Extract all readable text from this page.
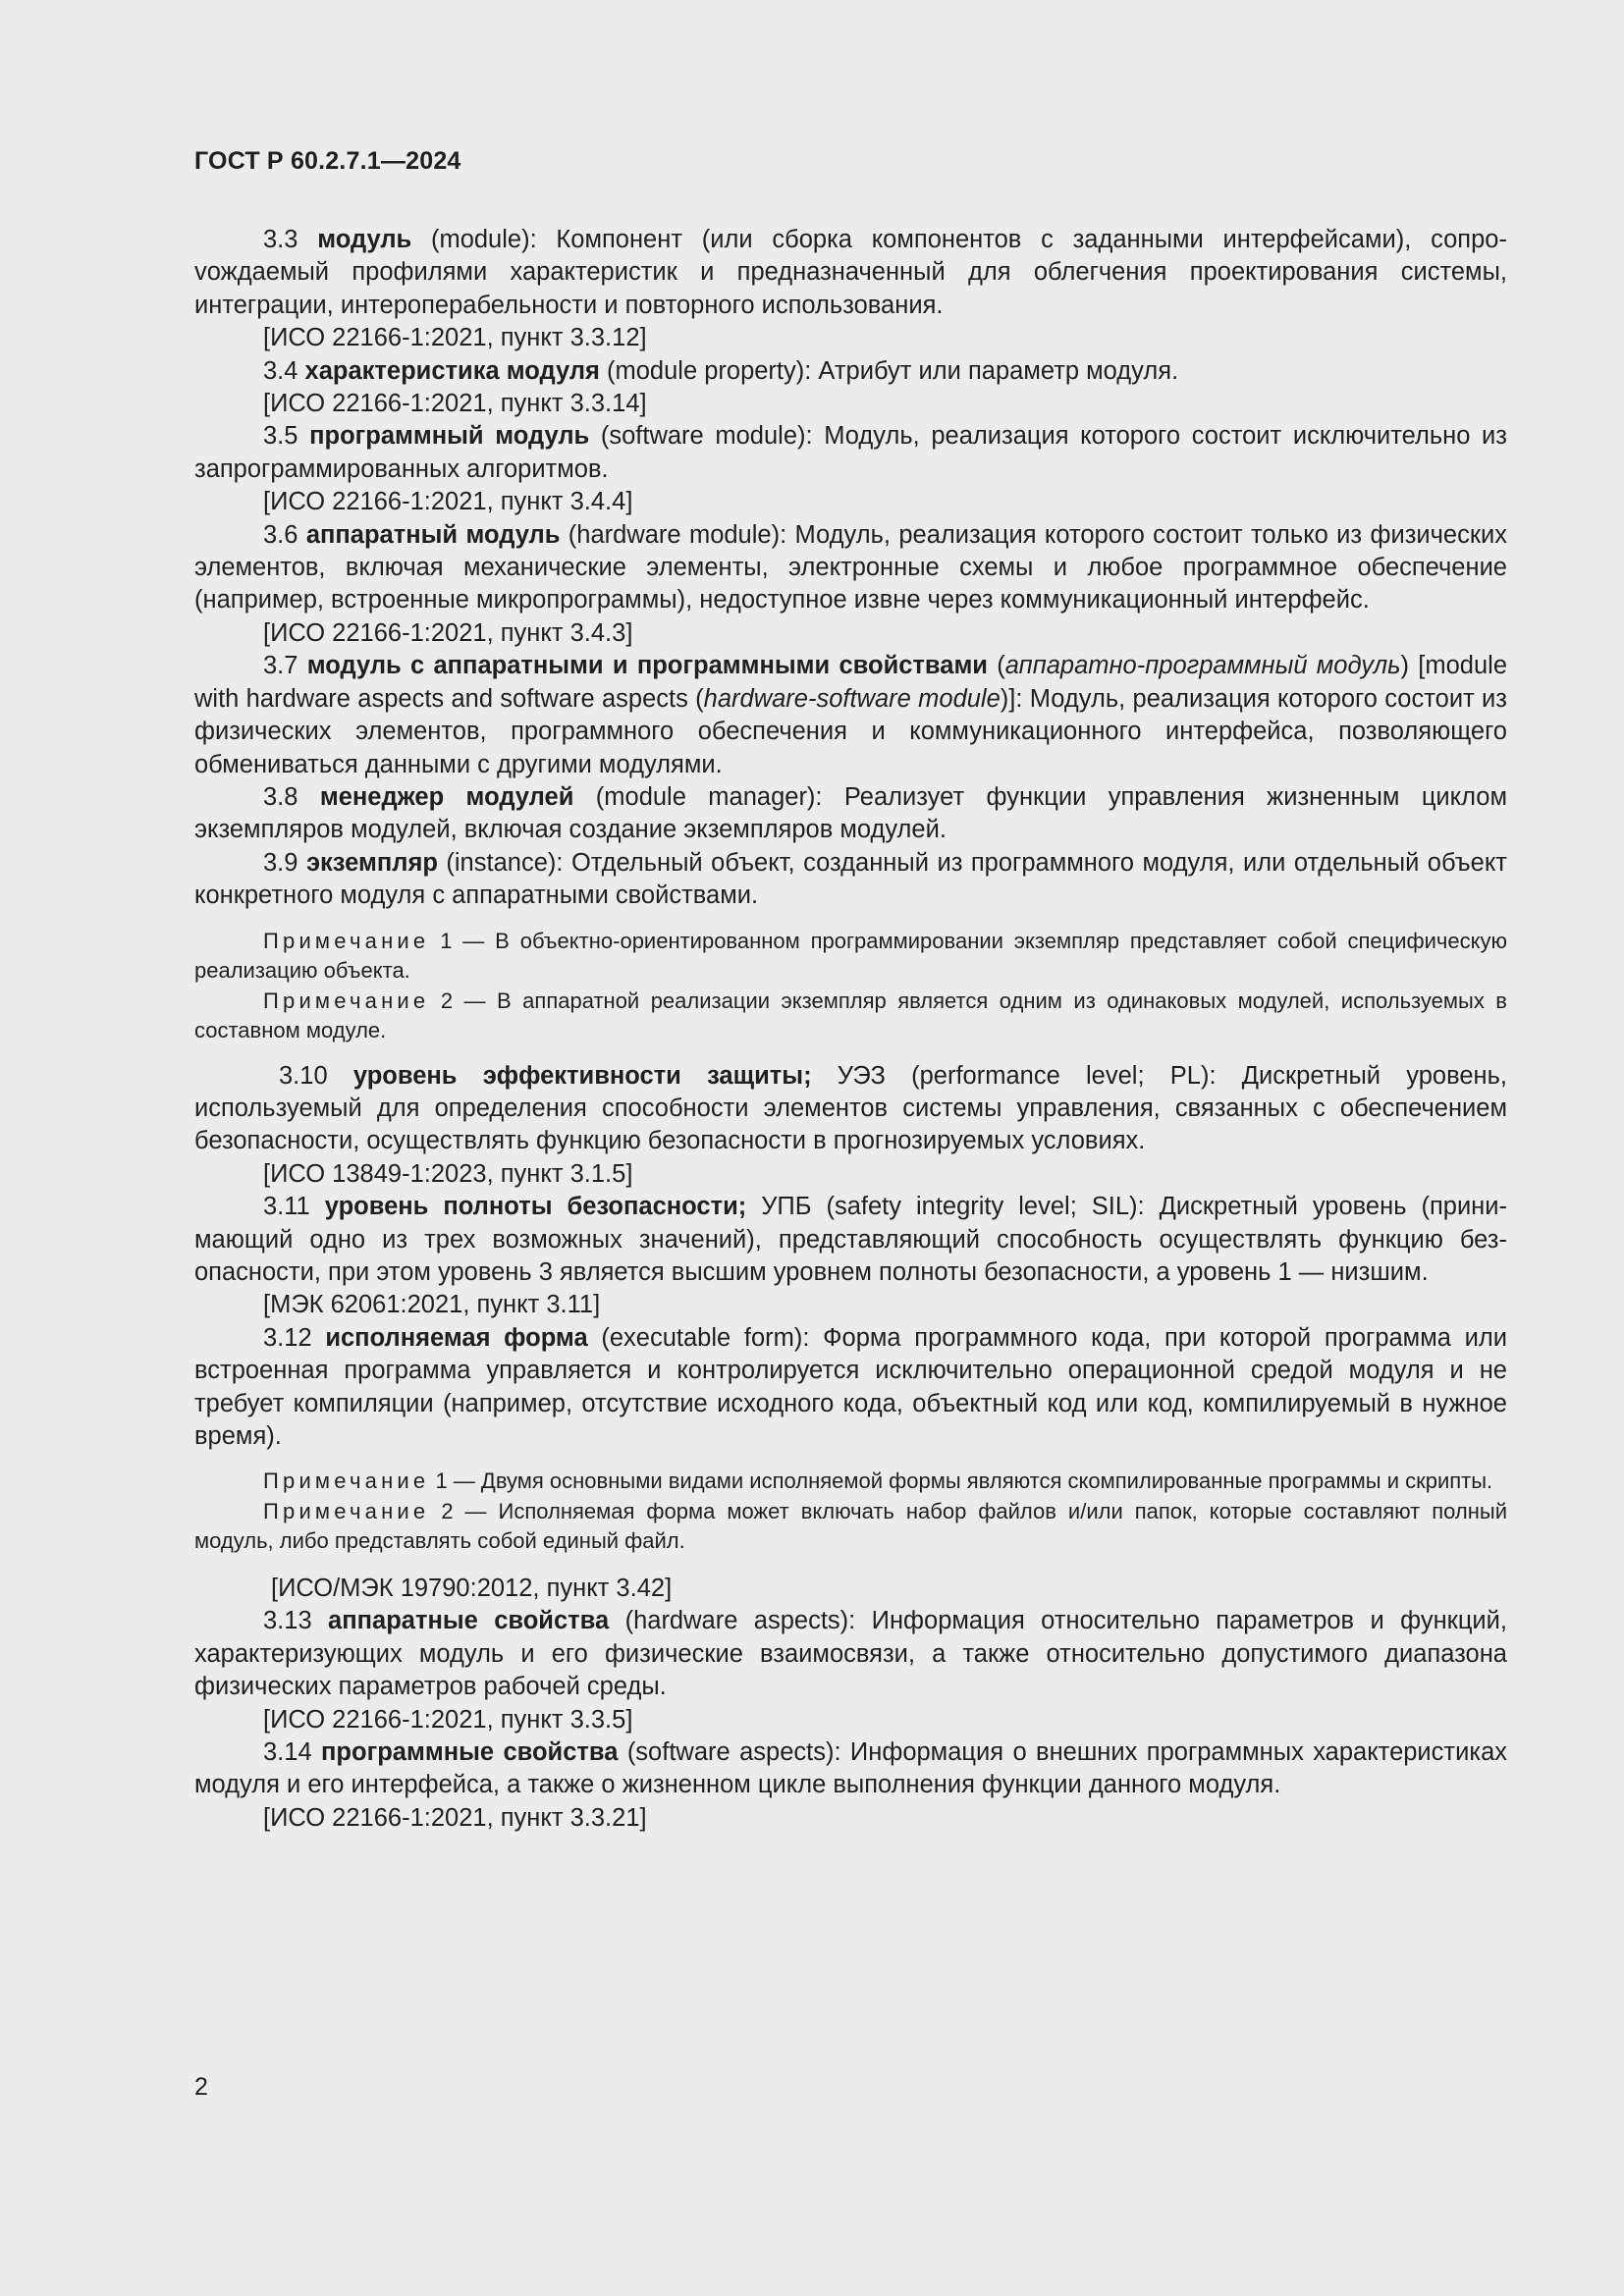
ГОСТ Р 60.2.7.1—2024

3.3 модуль (module): Компонент (или сборка компонентов с заданными интерфейсами), сопроvождаемый профилями характеристик и предназначенный для облегчения проектирования системы, интеграции, интероперабельности и повторного использования.

[ИСО 22166-1:2021, пункт 3.3.12]

3.4 характеристика модуля (module property): Атрибут или параметр модуля.

[ИСО 22166-1:2021, пункт 3.3.14]

3.5 программный модуль (software module): Модуль, реализация которого состоит исключительно из запрограммированных алгоритмов.

[ИСО 22166-1:2021, пункт 3.4.4]

3.6 аппаратный модуль (hardware module): Модуль, реализация которого состоит только из физических элементов, включая механические элементы, электронные схемы и любое программное обеспечение (например, встроенные микропрограммы), недоступное извне через коммуникационный интерфейс.

[ИСО 22166-1:2021, пункт 3.4.3]

3.7 модуль с аппаратными и программными свойствами (аппаратно-программный модуль) [module with hardware aspects and software aspects (hardware-software module)]: Модуль, реализация которого состоит из физических элементов, программного обеспечения и коммуникационного интерфейса, позволяющего обмениваться данными с другими модулями.

3.8 менеджер модулей (module manager): Реализует функции управления жизненным циклом экземпляров модулей, включая создание экземпляров модулей.

3.9 экземпляр (instance): Отдельный объект, созданный из программного модуля, или отдельный объект конкретного модуля с аппаратными свойствами.

Примечание 1 — В объектно-ориентированном программировании экземпляр представляет собой специфическую реализацию объекта.

Примечание 2 — В аппаратной реализации экземпляр является одним из одинаковых модулей, используемых в составном модуле.

3.10 уровень эффективности защиты; УЭЗ (performance level; PL): Дискретный уровень, используемый для определения способности элементов системы управления, связанных с обеспечением безопасности, осуществлять функцию безопасности в прогнозируемых условиях.

[ИСО 13849-1:2023, пункт 3.1.5]

3.11 уровень полноты безопасности; УПБ (safety integrity level; SIL): Дискретный уровень (принимающий одно из трех возможных значений), представляющий способность осуществлять функцию безопасности, при этом уровень 3 является высшим уровнем полноты безопасности, а уровень 1 — низшим.

[МЭК 62061:2021, пункт 3.11]

3.12 исполняемая форма (executable form): Форма программного кода, при которой программа или встроенная программа управляется и контролируется исключительно операционной средой модуля и не требует компиляции (например, отсутствие исходного кода, объектный код или код, компилируемый в нужное время).

Примечание 1 — Двумя основными видами исполняемой формы являются скомпилированные программы и скрипты.

Примечание 2 — Исполняемая форма может включать набор файлов и/или папок, которые составляют полный модуль, либо представлять собой единый файл.

[ИСО/МЭК 19790:2012, пункт 3.42]

3.13 аппаратные свойства (hardware aspects): Информация относительно параметров и функций, характеризующих модуль и его физические взаимосвязи, а также относительно допустимого диапазона физических параметров рабочей среды.

[ИСО 22166-1:2021, пункт 3.3.5]

3.14 программные свойства (software aspects): Информация о внешних программных характеристиках модуля и его интерфейса, а также о жизненном цикле выполнения функции данного модуля.

[ИСО 22166-1:2021, пункт 3.3.21]

2
